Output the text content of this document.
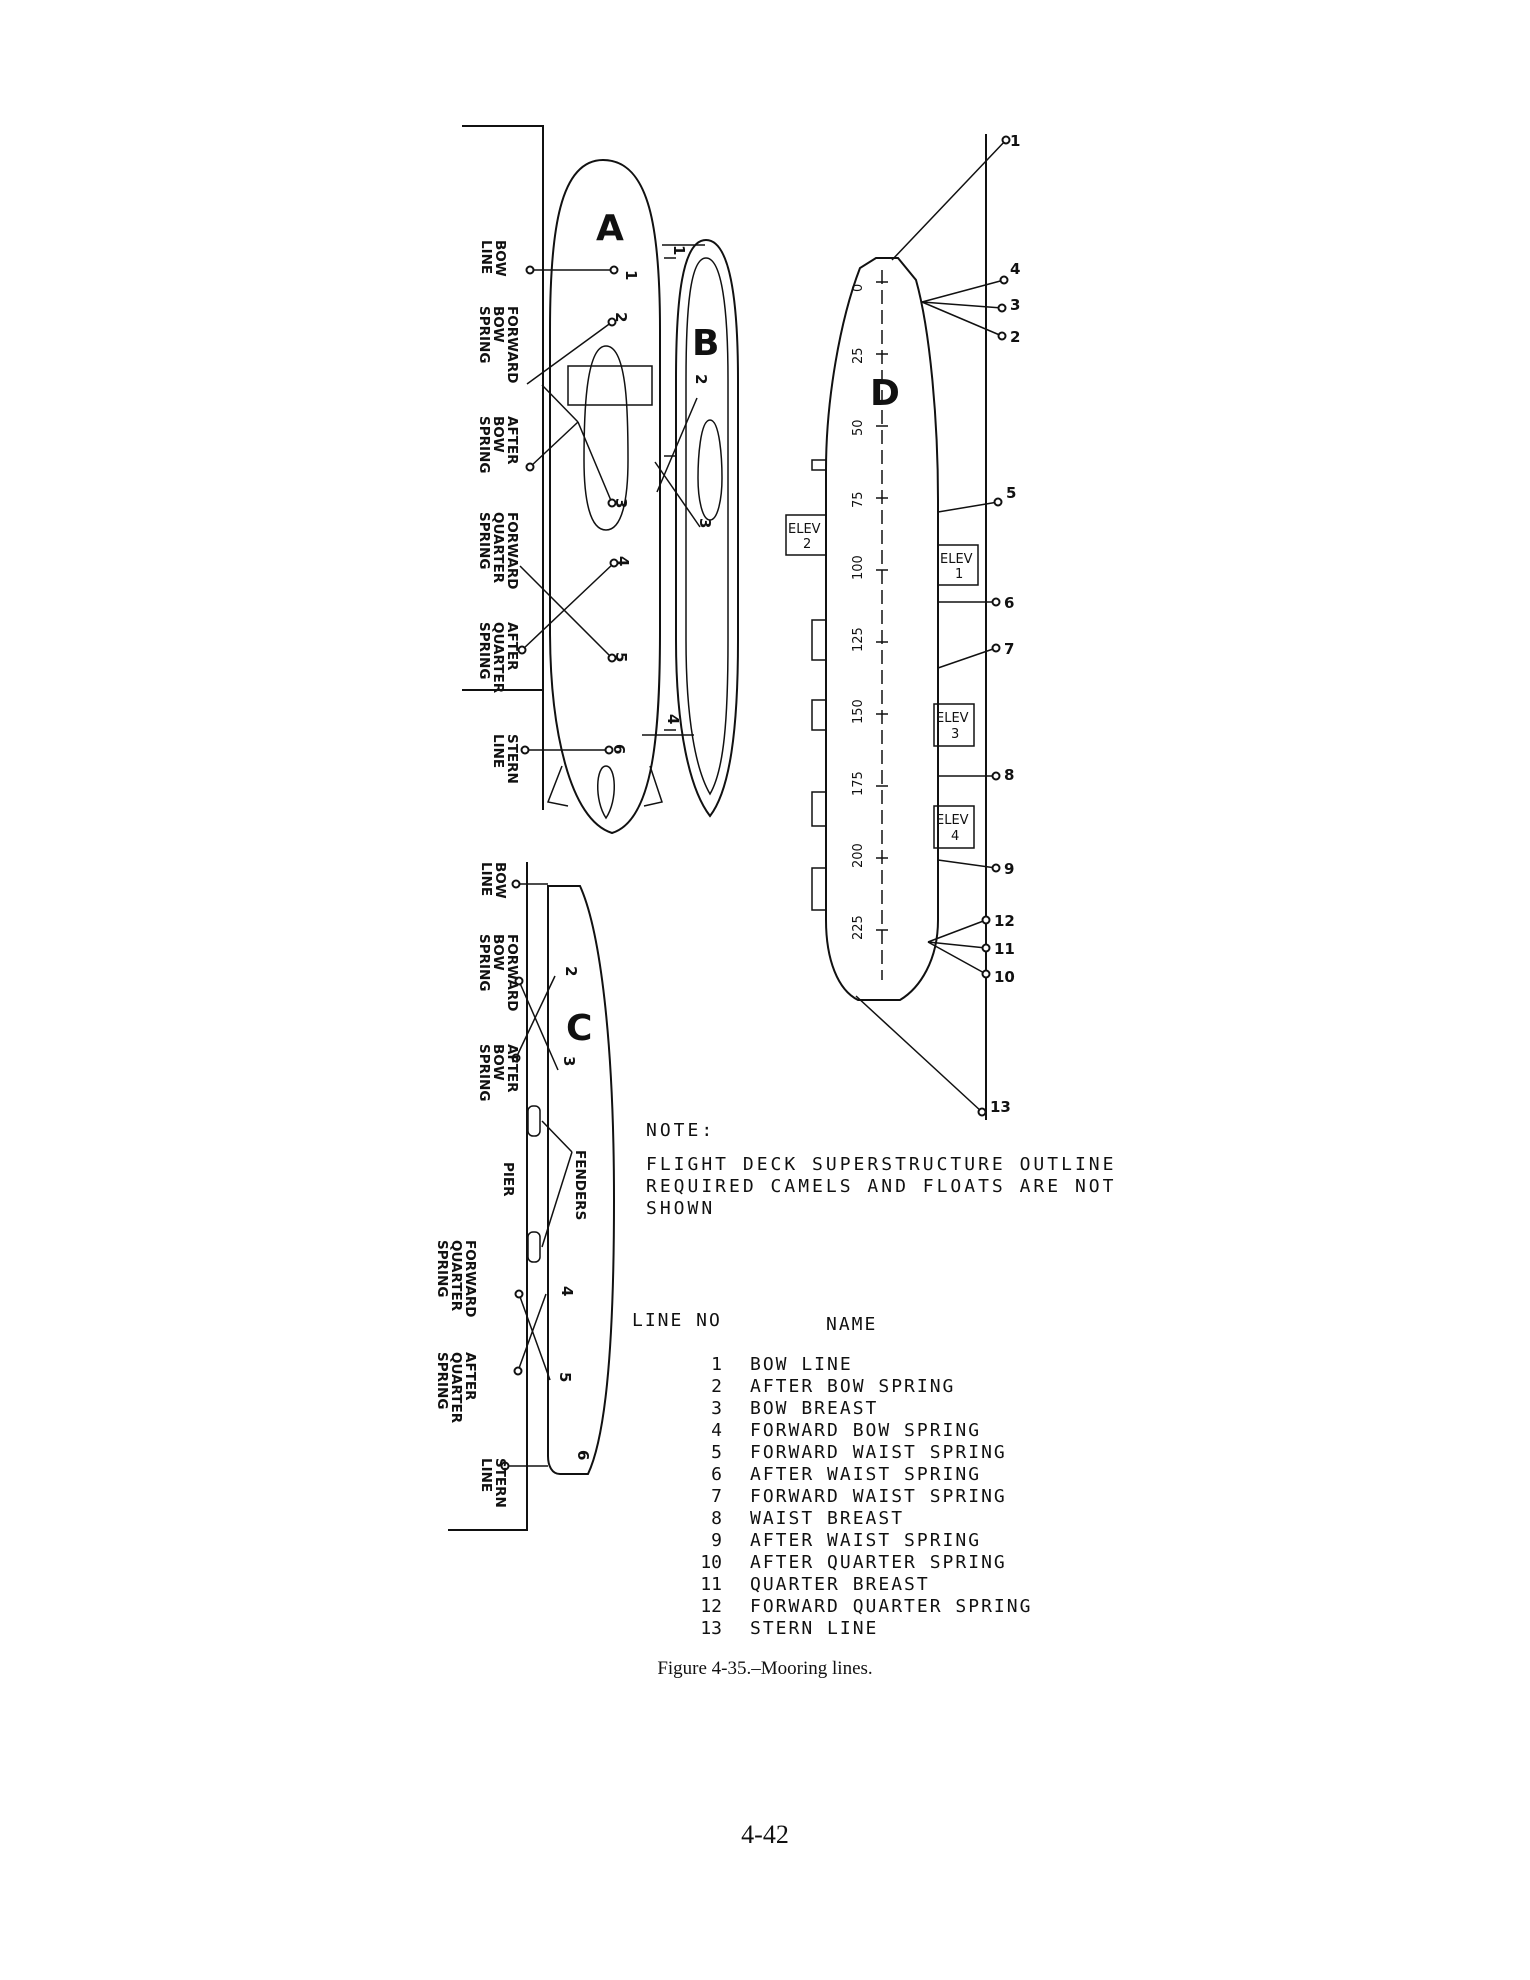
A
B
1
2
3
4
5
6
1
2
3
4
BOW
LINE
FORWARD
BOW
SPRING
AFTER
BOW
SPRING
FORWARD
QUARTER
SPRING
AFTER
QUARTER
SPRING
STERN
LINE
C
2
3
4
5
6
BOW
LINE
FORWARD
BOW
SPRING
AFTER
BOW
SPRING
PIER	FENDERS
FORWARD
QUARTER
SPRING
AFTER
QUARTER
SPRING
STERN
LINE
D
0
25
50
75
100
125
150
175
200
225
ELEV
1
ELEV
2
ELEV
3
ELEV
4
1
4
3
2
5
6
7
8
9
12
11
10
13
NOTE:
FLIGHT DECK SUPERSTRUCTURE OUTLINE
REQUIRED CAMELS AND FLOATS ARE NOT
SHOWN
LINE NO	NAME
1 BOW LINE
2 AFTER BOW SPRING
3 BOW BREAST
4 FORWARD BOW SPRING
5 FORWARD WAIST SPRING
6 AFTER WAIST SPRING
7 FORWARD WAIST SPRING
8 WAIST BREAST
9 AFTER WAIST SPRING
10 AFTER QUARTER SPRING
11 QUARTER BREAST
12 FORWARD QUARTER SPRING
13 STERN LINE
Figure 4-35.–Mooring lines.
4-42
